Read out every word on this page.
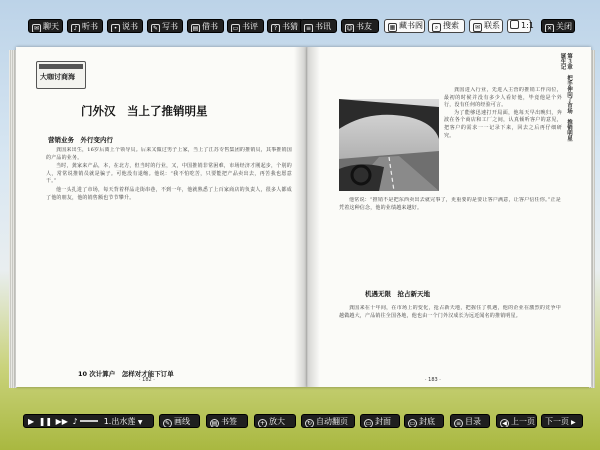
✉ 聊天	♪ 听书	• 说书	✎ 写书	▤ 借书	▭ 书评	? 书猜	≡ 书讯	☺ 书友	▦ 藏书阁	⌕ 搜索	✉ 联系	1:1	✕ 关闭
大咖讨商海
门外汉　当上了推销明星
营销业务　外行变内行

龚国来出生，16岁后离上个领导员。后来又做过男子上家，当上了江苏专售集团的推销员，其事推销国的产品的业务。

当时，龚家来产品，本，在北方，但当时的行业，又，中国推销非常困难，市场经济才刚起步，个别的人，常常说推销员就是骗子。可他没有退缩。他说：“我不怕吃苦，只要能把产品卖出去，再苦我也愿意干。”

他一头扎进了市场，每天背着样品走街串巷，不到一年，他就熟悉了上百家商店的负责人，很多人都成了他的朋友，他的销售额也节节攀升。

10 次计算户　怎样对才能下订单

第３章　把手伸向了市场　推销明星诞生记

龚国进入行业，先进入主营的推销工作岗位，最初的时候并没有多少人看好他，毕竟他是个外行，没有任何的经验可言。

为了能够迅速打开局面，他每天早出晚归，奔波在各个商店和工厂之间，认真倾听客户的意见，把客户的需求一一记录下来，回去之后再仔细研究。

他常说：“推销不是把东西卖出去就完事了，更重要的是要让客户满意，让客户信任你。”正是凭着这种信念，他的业绩越来越好。

机遇无限　抢占新天地

龚国来在十年间，在市场上的变化，抢占新天地，把握住了机遇，他的企业在激烈的竞争中越做越大，产品销往全国各地，他也由一个门外汉成长为远近闻名的推销明星。

· 183 ·
· 182 ·
▶ ❚❚ ▶▶ ♪	1.出水莲 ▼	✎ 画线	▤ 书签	+ 放大	↻ 自动翻页	▭ 封面	▭ 封底	≡ 目录	◀ 上一页	下一页 ▶
